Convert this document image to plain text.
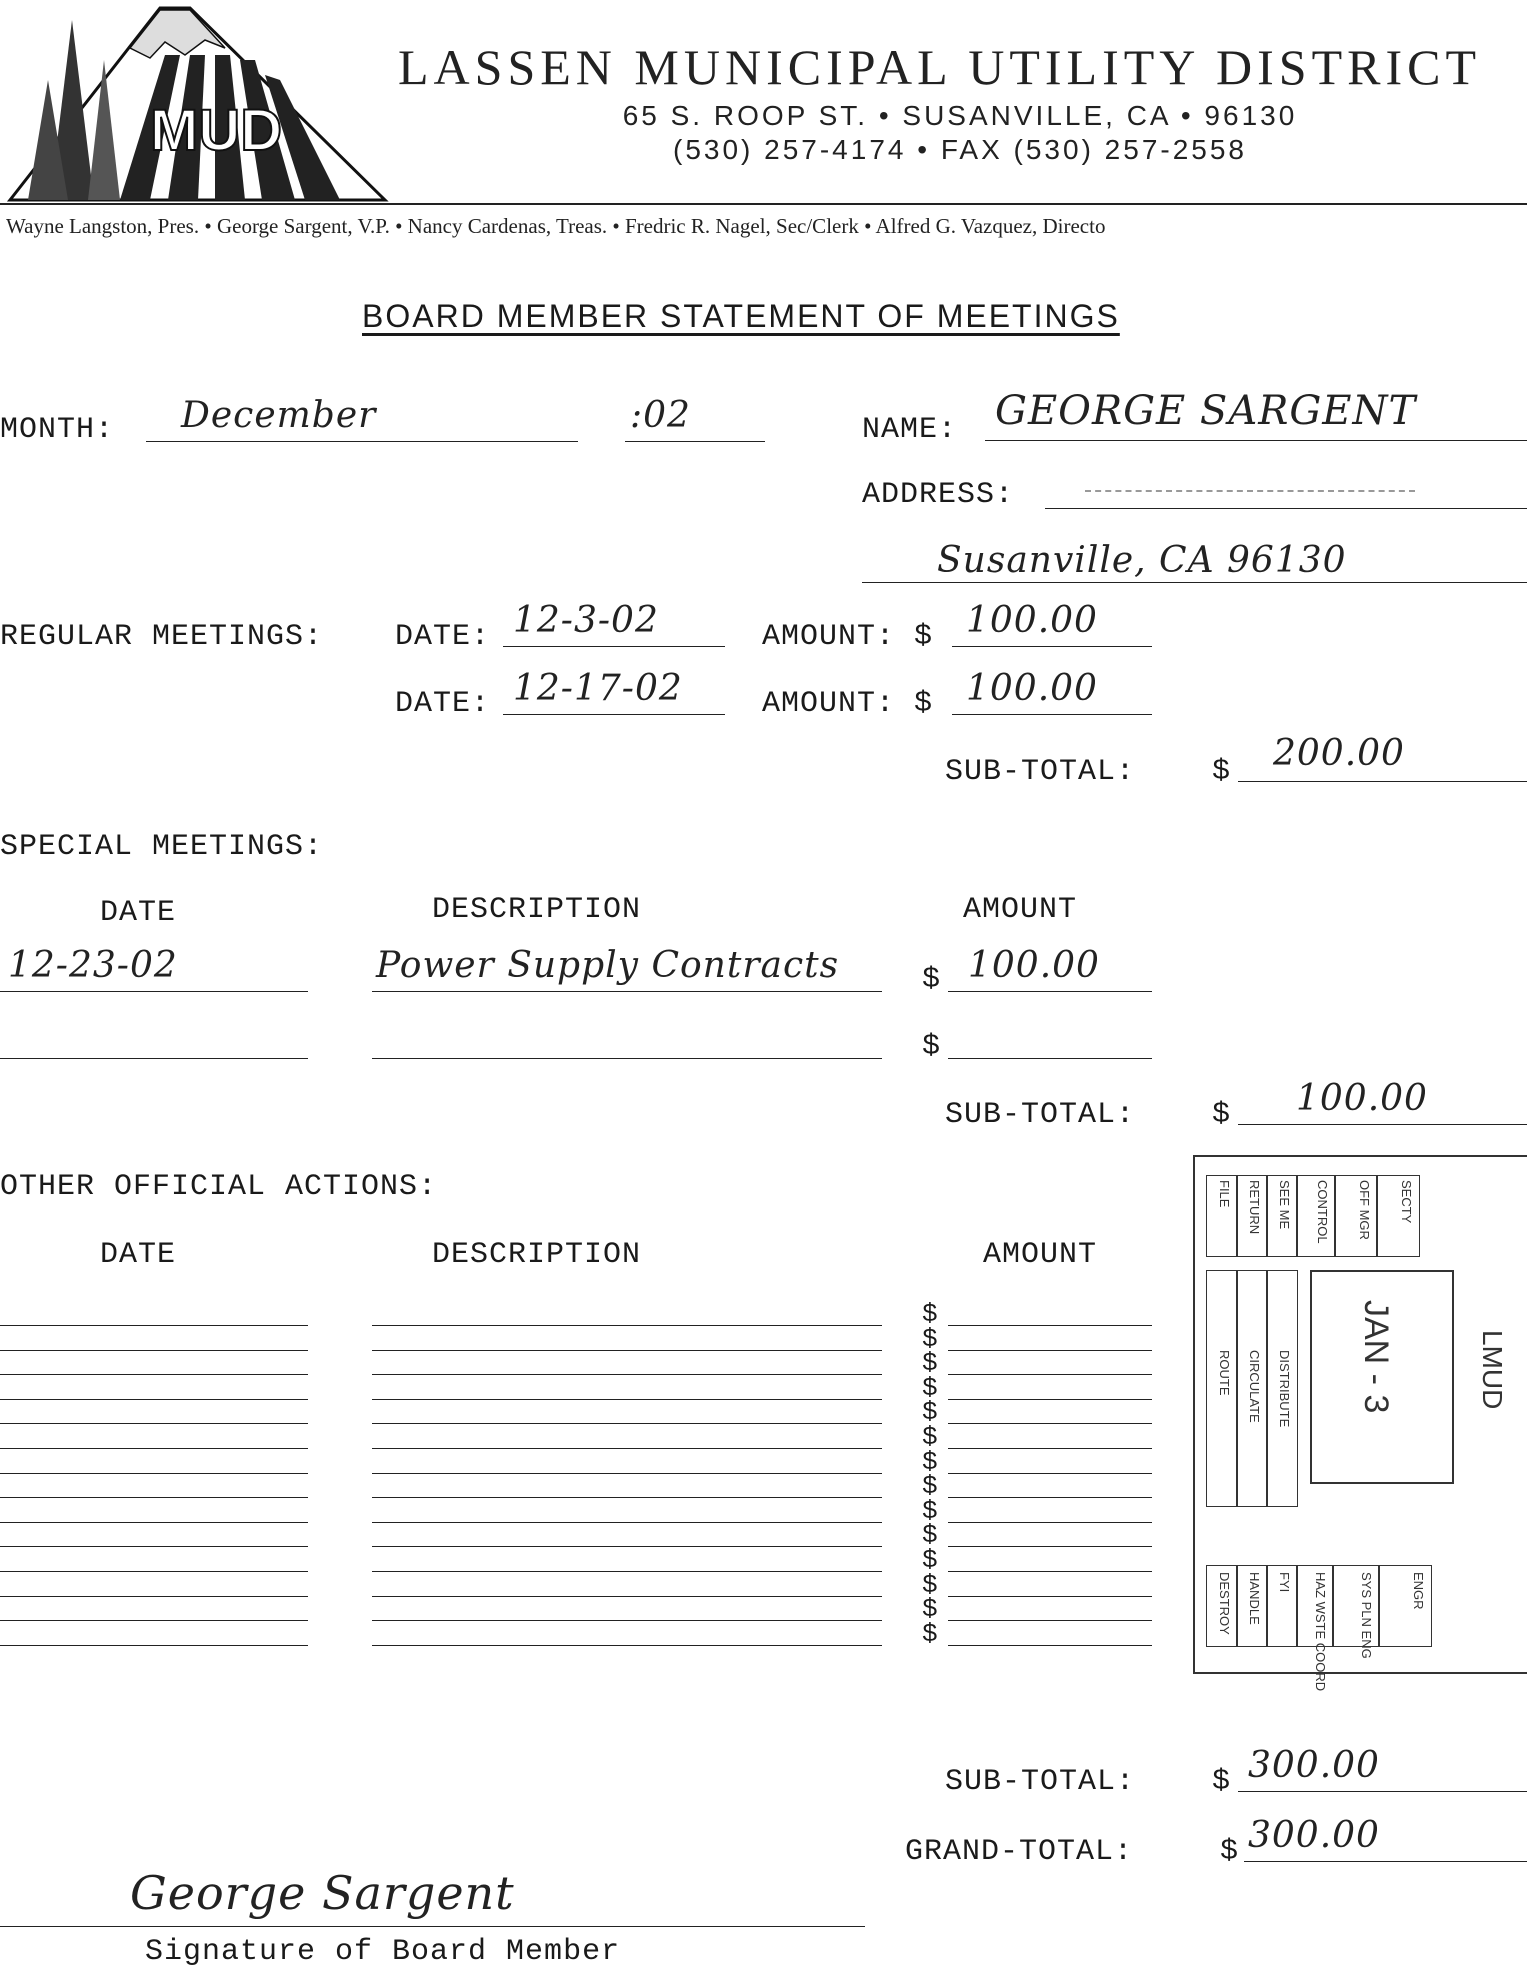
MUD
LASSEN MUNICIPAL UTILITY DISTRICT
65 S. ROOP ST. • SUSANVILLE, CA • 96130
(530) 257-4174 • FAX (530) 257-2558
Wayne Langston, Pres. • George Sargent, V.P. • Nancy Cardenas, Treas. • Fredric R. Nagel, Sec/Clerk • Alfred G. Vazquez, Directo
BOARD MEMBER STATEMENT OF MEETINGS
MONTH:	December	:02	NAME: GEORGE SARGENT
ADDRESS:
Susanville, CA 96130
REGULAR MEETINGS: DATE: 12-3-02	AMOUNT: $ 100.00
DATE: 12-17-02	AMOUNT: $ 100.00
SUB-TOTAL:	$	200.00
SPECIAL MEETINGS:
DATE	DESCRIPTION	AMOUNT
12-23-02	Power Supply Contracts	$ 100.00
$
SUB-TOTAL:	$	100.00
OTHER OFFICIAL ACTIONS:
DATE	DESCRIPTION	AMOUNT
$
$
$
$
$
$
$
$
$
$
$
$
$
$
SUB-TOTAL:	$ 300.00
GRAND-TOTAL:	$ 300.00
George Sargent
Signature of Board Member
JAN - 3	LMUD
FILE RETURN SEE ME CONTROL OFF MGR SECTY
ROUTE CIRCULATE DISTRIBUTE
DESTROY HANDLE FYI HAZ WSTE COORD SYS PLN ENG	ENGR
